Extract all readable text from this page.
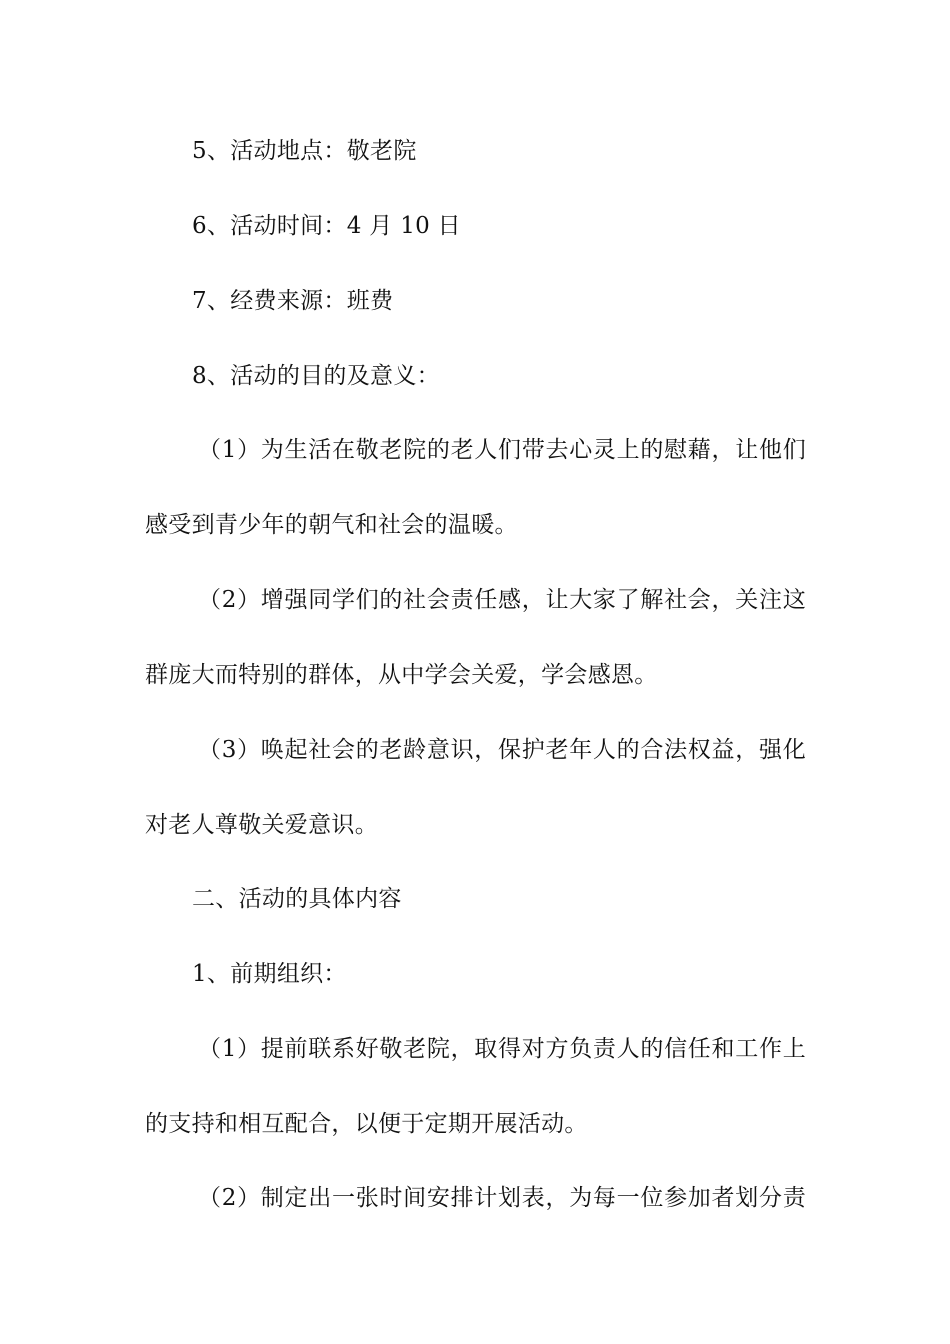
5、活动地点：敬老院

6、活动时间：4 月 10 日

7、经费来源：班费

8、活动的目的及意义：

（1）为生活在敬老院的老人们带去心灵上的慰藉，让他们

感受到青少年的朝气和社会的温暖。

（2）增强同学们的社会责任感，让大家了解社会，关注这

群庞大而特别的群体，从中学会关爱，学会感恩。

（3）唤起社会的老龄意识，保护老年人的合法权益，强化

对老人尊敬关爱意识。

二、活动的具体内容

1、前期组织：

（1）提前联系好敬老院，取得对方负责人的信任和工作上

的支持和相互配合，以便于定期开展活动。

（2）制定出一张时间安排计划表，为每一位参加者划分责
